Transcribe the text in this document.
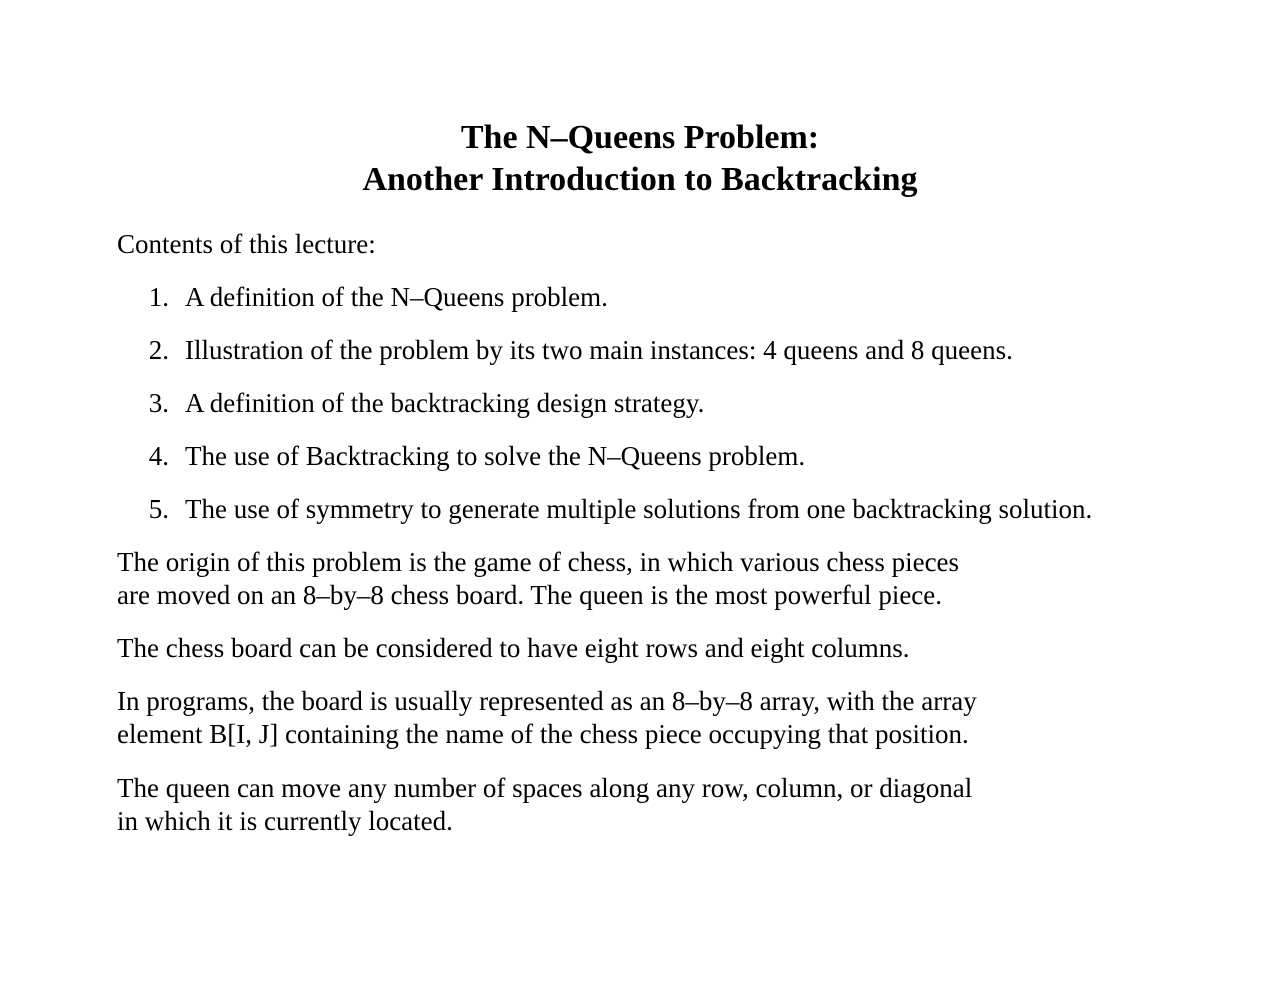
The N–Queens Problem:
Another Introduction to Backtracking

Contents of this lecture:

1. A definition of the N–Queens problem.
2. Illustration of the problem by its two main instances: 4 queens and 8 queens.
3. A definition of the backtracking design strategy.
4. The use of Backtracking to solve the N–Queens problem.
5. The use of symmetry to generate multiple solutions from one backtracking solution.

The origin of this problem is the game of chess, in which various chess pieces
are moved on an 8–by–8 chess board. The queen is the most powerful piece.

The chess board can be considered to have eight rows and eight columns.

In programs, the board is usually represented as an 8–by–8 array, with the array
element B[I, J] containing the name of the chess piece occupying that position.

The queen can move any number of spaces along any row, column, or diagonal
in which it is currently located.
